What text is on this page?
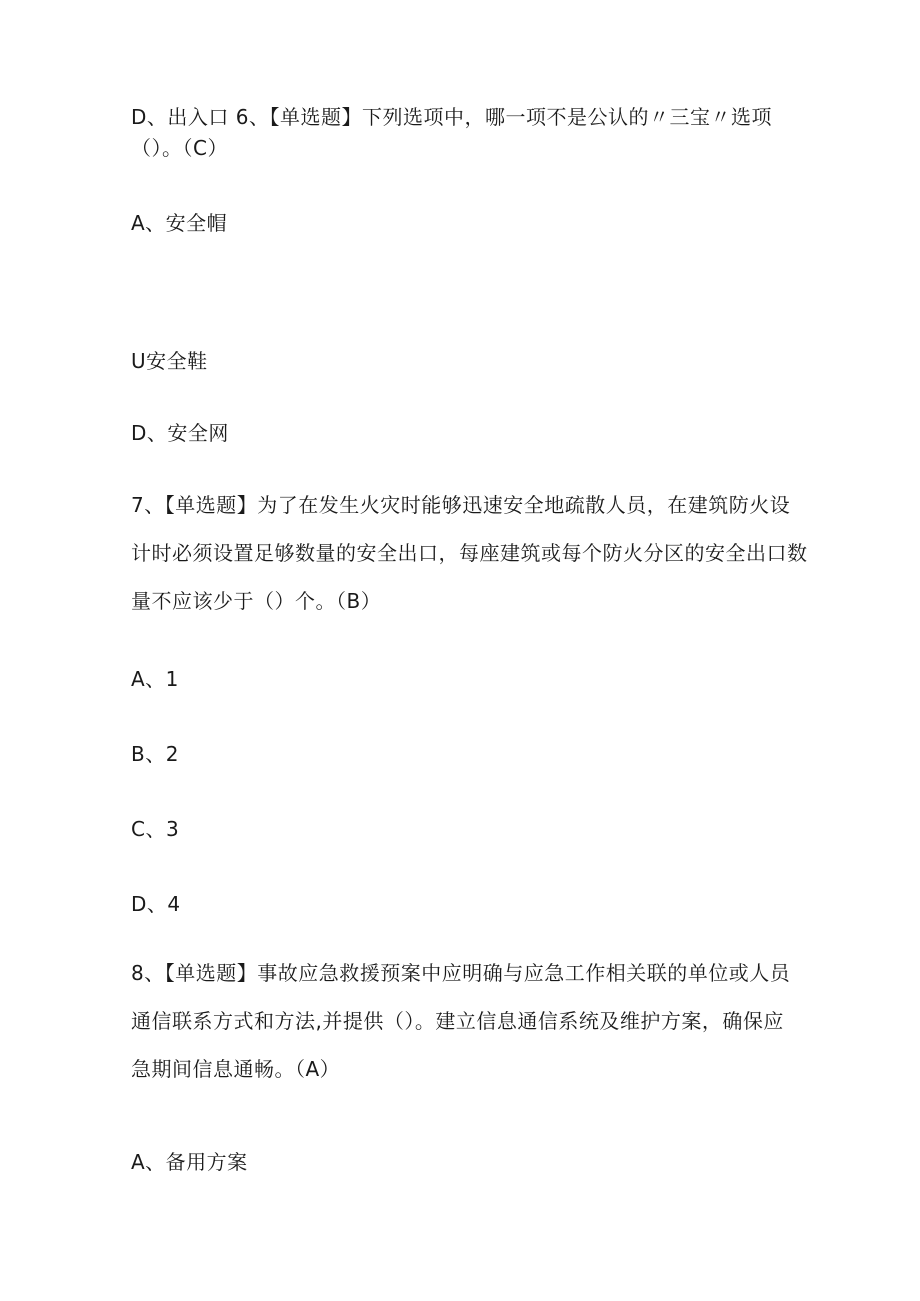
D、出入口 6、【单选题】下列选项中，哪一项不是公认的〃三宝〃选项
（）。（C）
A、安全帽
U安全鞋
D、安全网
7、【单选题】为了在发生火灾时能够迅速安全地疏散人员，在建筑防火设
计时必须设置足够数量的安全出口，每座建筑或每个防火分区的安全出口数
量不应该少于（）个。（B）
A、1
B、2
C、3
D、4
8、【单选题】事故应急救援预案中应明确与应急工作相关联的单位或人员
通信联系方式和方法,并提供（）。建立信息通信系统及维护方案，确保应
急期间信息通畅。（A）
A、备用方案
